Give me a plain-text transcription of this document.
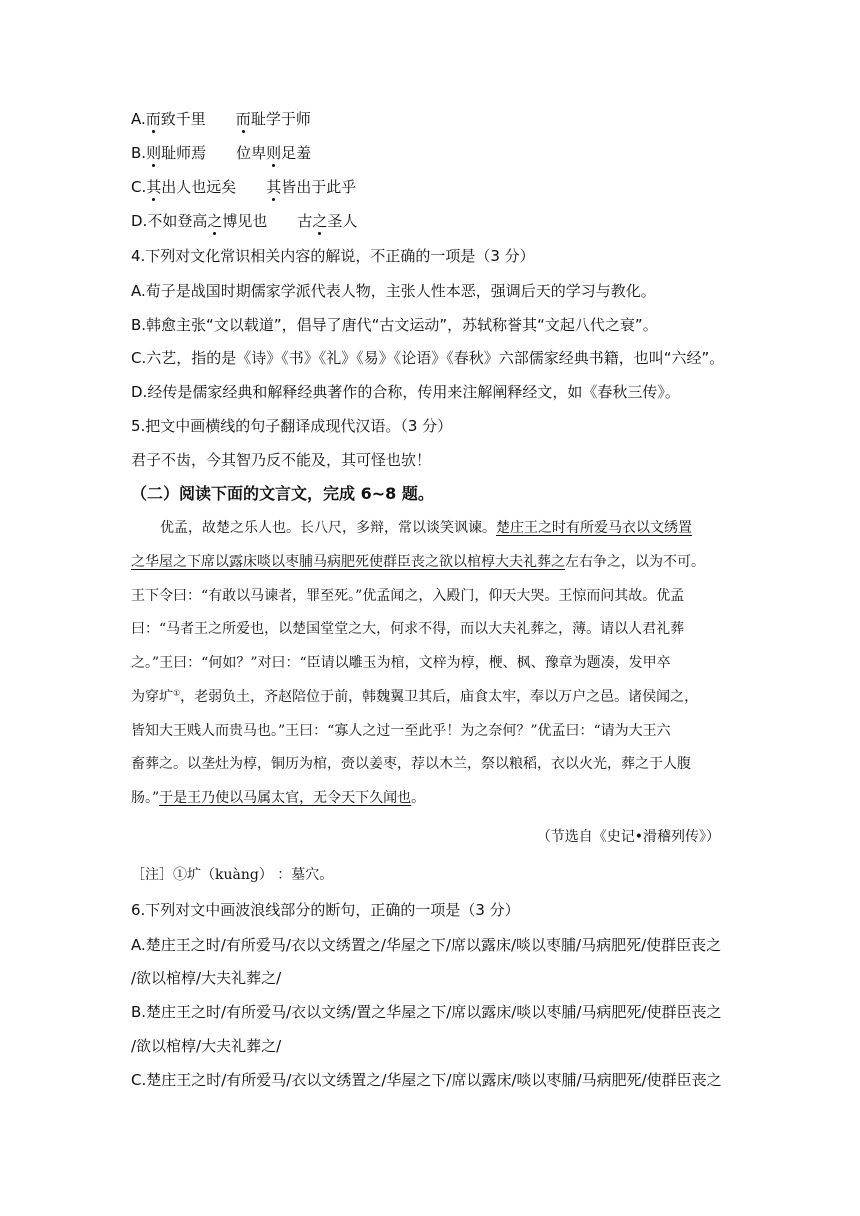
A.而致千里 而耻学于师
B.则耻师焉 位卑则足羞
C.其出人也远矣 其皆出于此乎
D.不如登高之博见也 古之圣人
4.下列对文化常识相关内容的解说，不正确的一项是（3 分）
A.荀子是战国时期儒家学派代表人物，主张人性本恶，强调后天的学习与教化。
B.韩愈主张“文以载道”，倡导了唐代“古文运动”，苏轼称誉其“文起八代之衰”。
C.六艺，指的是《诗》《书》《礼》《易》《论语》《春秋》六部儒家经典书籍，也叫“六经”。
D.经传是儒家经典和解释经典著作的合称，传用来注解阐释经文，如《春秋三传》。
5.把文中画横线的句子翻译成现代汉语。（3 分）
君子不齿，今其智乃反不能及，其可怪也欤！
（二）阅读下面的文言文，完成 6~8 题。
优孟，故楚之乐人也。长八尺，多辩，常以谈笑讽谏。楚庄王之时有所爱马衣以文绣置
之华屋之下席以露床啖以枣脯马病肥死使群臣丧之欲以棺椁大夫礼葬之左右争之，以为不可。
王下令曰：“有敢以马谏者，罪至死。”优孟闻之，入殿门，仰天大哭。王惊而问其故。优孟
曰：“马者王之所爱也，以楚国堂堂之大，何求不得，而以大夫礼葬之，薄。请以人君礼葬
之。”王曰：“何如？”对曰：“臣请以雕玉为棺，文梓为椁，楩、枫、豫章为题凑，发甲卒
为穿圹①，老弱负土，齐赵陪位于前，韩魏翼卫其后，庙食太牢，奉以万户之邑。诸侯闻之，
皆知大王贱人而贵马也。”王曰：“寡人之过一至此乎！为之奈何？”优孟曰：“请为大王六
畜葬之。以垄灶为椁，铜历为棺，赍以姜枣，荐以木兰，祭以粮稻，衣以火光，葬之于人腹
肠。”于是王乃使以马属太官，无令天下久闻也。
（节选自《史记•滑稽列传》）
［注］①圹（kuàng） ：墓穴。
6.下列对文中画波浪线部分的断句，正确的一项是（3 分）
A.楚庄王之时/有所爱马/衣以文绣置之/华屋之下/席以露床/啖以枣脯/马病肥死/使群臣丧之
/欲以棺椁/大夫礼葬之/
B.楚庄王之时/有所爱马/衣以文绣/置之华屋之下/席以露床/啖以枣脯/马病肥死/使群臣丧之
/欲以棺椁/大夫礼葬之/
C.楚庄王之时/有所爱马/衣以文绣置之/华屋之下/席以露床/啖以枣脯/马病肥死/使群臣丧之
